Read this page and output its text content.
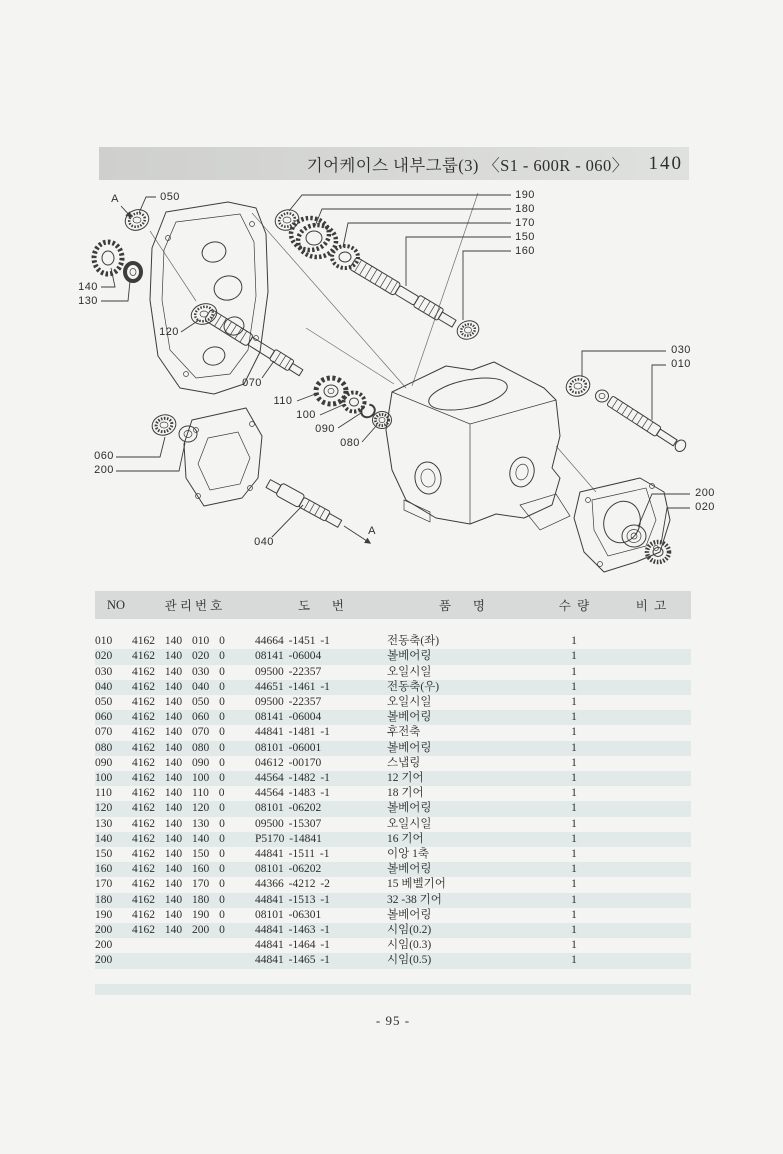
기어케이스 내부그룹(3) 〈S1 - 600R - 060〉 140
A	050
140
130
120
070
110
100
090
080
190
180
170
150
160
060
200
030
010
200
020
040
A
NO	관 리 번 호	도       번	품       명	수  량	비  고

010	4162 140 010 0	44664 -1451 -1	전동축(좌)	1	
020	4162 140 020 0	08141 -06004	볼베어링	1	
030	4162 140 030 0	09500 -22357	오일시일	1	
040	4162 140 040 0	44651 -1461 -1	전동축(우)	1	
050	4162 140 050 0	09500 -22357	오일시일	1	
060	4162 140 060 0	08141 -06004	볼베어링	1	
070	4162 140 070 0	44841 -1481 -1	후전축	1	
080	4162 140 080 0	08101 -06001	볼베어링	1	
090	4162 140 090 0	04612 -00170	스냅링	1	
100	4162 140 100 0	44564 -1482 -1	12 기어	1	
110	4162 140 110 0	44564 -1483 -1	18 기어	1	
120	4162 140 120 0	08101 -06202	볼베어링	1	
130	4162 140 130 0	09500 -15307	오일시일	1	
140	4162 140 140 0	P5170 -14841	16 기어	1	
150	4162 140 150 0	44841 -1511 -1	이앙 1축	1	
160	4162 140 160 0	08101 -06202	볼베어링	1	
170	4162 140 170 0	44366 -4212 -2	15 베벨기어	1	
180	4162 140 180 0	44841 -1513 -1	32 -38 기어	1	
190	4162 140 190 0	08101 -06301	볼베어링	1	
200	4162 140 200 0	44841 -1463 -1	시임(0.2)	1	
200		44841 -1464 -1	시임(0.3)	1	
200		44841 -1465 -1	시임(0.5)	1	
- 95 -
